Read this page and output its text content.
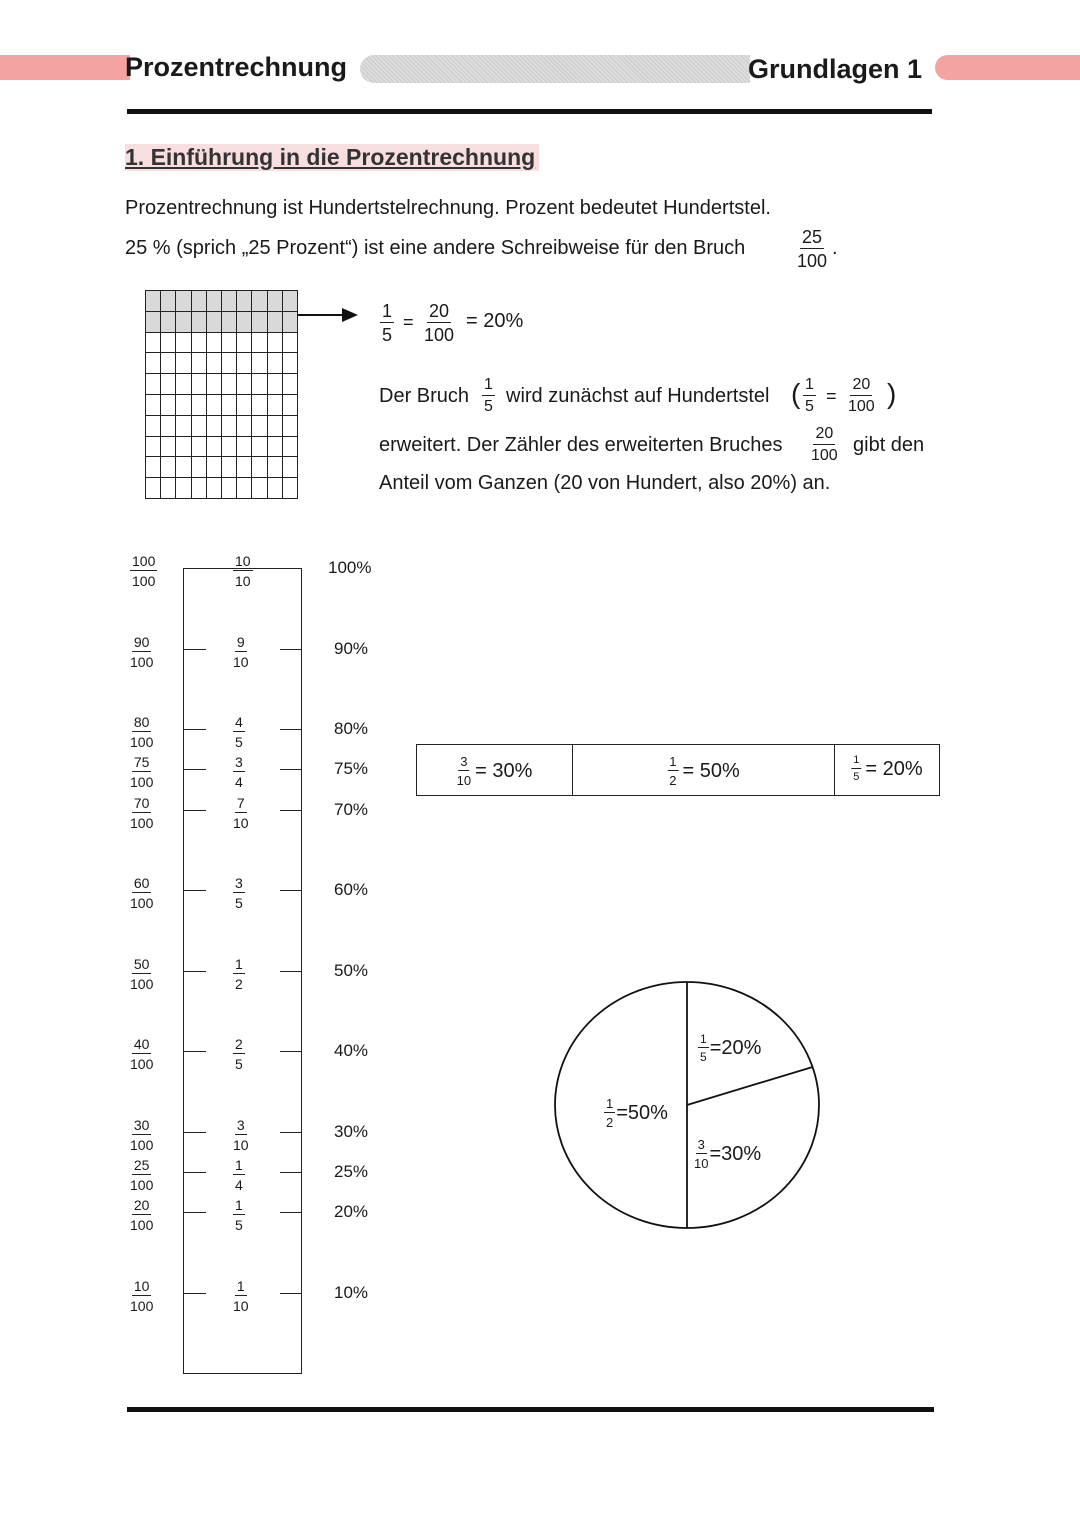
Prozentrechnung	Grundlagen 1
1. Einführung in die Prozentrechnung
Prozentrechnung ist Hundertstelrechnung. Prozent bedeutet Hundertstel.
25 % (sprich „25 Prozent“) ist eine andere Schreibweise für den Bruch	$\frac{25}{100}$ .
$\frac{1}{5} = \frac{20}{100} = 20\%$
Der Bruch $\frac{1}{5}$ wird zunächst auf Hundertstel ( $\frac{1}{5} = \frac{20}{100}$ )
erweitert. Der Zähler des erweiterten Bruches $\frac{20}{100}$ gibt den
Anteil vom Ganzen (20 von Hundert, also 20%) an.
$\frac{100}{100}$	$\frac{10}{10}$	100%
$\frac{90}{100}$	$\frac{9}{10}$	90%
$\frac{80}{100}$	$\frac{4}{5}$	80%
$\frac{75}{100}$	$\frac{3}{4}$	75%
$\frac{70}{100}$	$\frac{7}{10}$	70%
$\frac{60}{100}$	$\frac{3}{5}$	60%
$\frac{50}{100}$	$\frac{1}{2}$	50%
$\frac{40}{100}$	$\frac{2}{5}$	40%
$\frac{30}{100}$	$\frac{3}{10}$	30%
$\frac{25}{100}$	$\frac{1}{4}$	25%
$\frac{20}{100}$	$\frac{1}{5}$	20%
$\frac{10}{100}$	$\frac{1}{10}$	10%
$\frac{3}{10} = 30\%$	$\frac{1}{2} = 50\%$	$\frac{1}{5} = 20\%$
$\frac{1}{2} =50\%$
$\frac{1}{5} =20\%$
$\frac{3}{10} =30\%$
